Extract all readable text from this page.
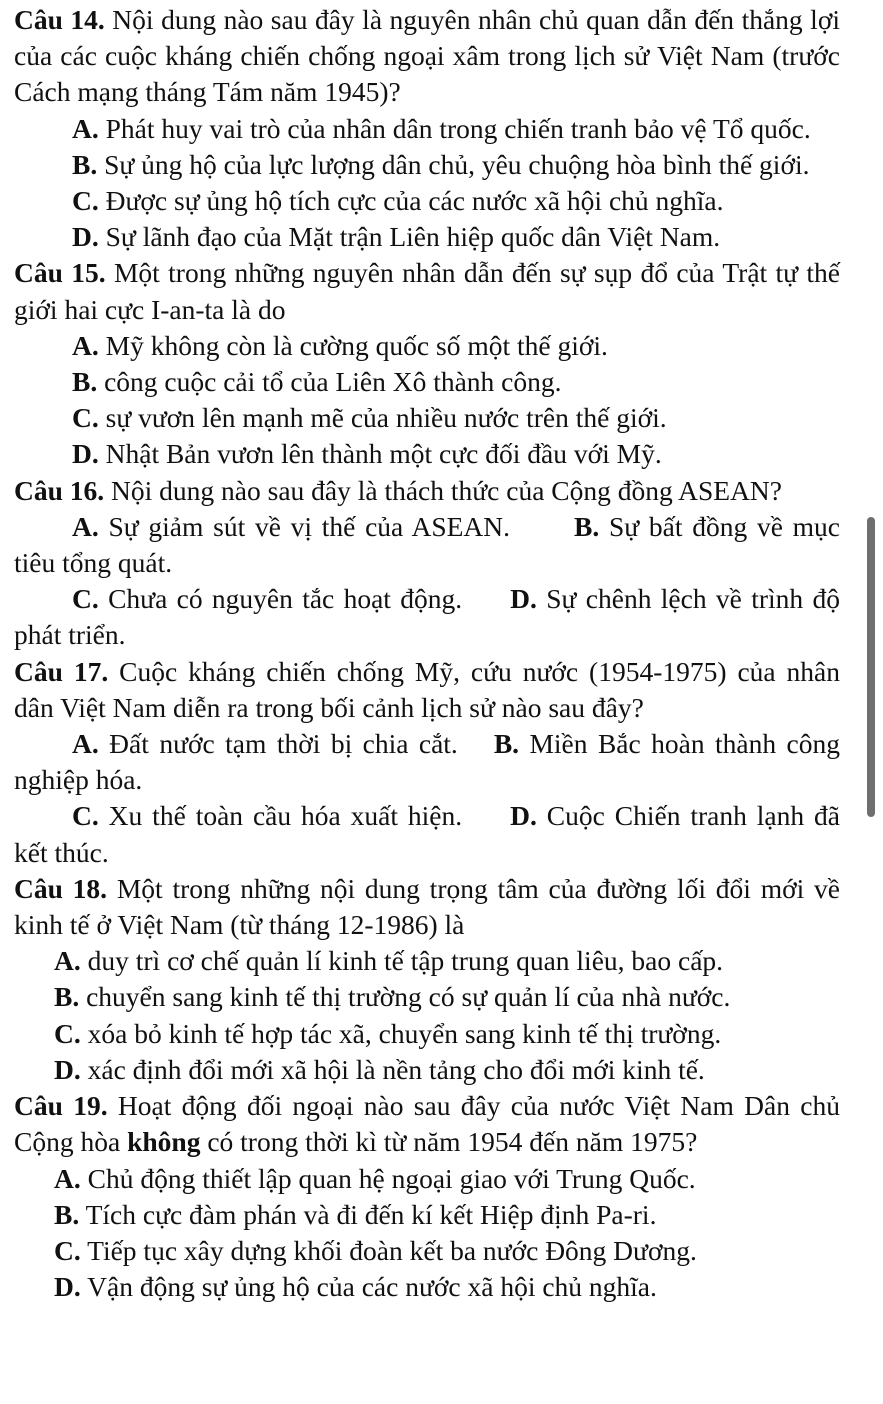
Câu 14. Nội dung nào sau đây là nguyên nhân chủ quan dẫn đến thắng lợi của các cuộc kháng chiến chống ngoại xâm trong lịch sử Việt Nam (trước Cách mạng tháng Tám năm 1945)?

A. Phát huy vai trò của nhân dân trong chiến tranh bảo vệ Tổ quốc.

B. Sự ủng hộ của lực lượng dân chủ, yêu chuộng hòa bình thế giới.

C. Được sự ủng hộ tích cực của các nước xã hội chủ nghĩa.

D. Sự lãnh đạo của Mặt trận Liên hiệp quốc dân Việt Nam.

Câu 15. Một trong những nguyên nhân dẫn đến sự sụp đổ của Trật tự thế giới hai cực I-an-ta là do

A. Mỹ không còn là cường quốc số một thế giới.

B. công cuộc cải tổ của Liên Xô thành công.

C. sự vươn lên mạnh mẽ của nhiều nước trên thế giới.

D. Nhật Bản vươn lên thành một cực đối đầu với Mỹ.

Câu 16. Nội dung nào sau đây là thách thức của Cộng đồng ASEAN?

A. Sự giảm sút về vị thế của ASEAN. B. Sự bất đồng về mục tiêu tổng quát.

C. Chưa có nguyên tắc hoạt động. D. Sự chênh lệch về trình độ phát triển.

Câu 17. Cuộc kháng chiến chống Mỹ, cứu nước (1954-1975) của nhân dân Việt Nam diễn ra trong bối cảnh lịch sử nào sau đây?

A. Đất nước tạm thời bị chia cắt. B. Miền Bắc hoàn thành công nghiệp hóa.

C. Xu thế toàn cầu hóa xuất hiện. D. Cuộc Chiến tranh lạnh đã kết thúc.

Câu 18. Một trong những nội dung trọng tâm của đường lối đổi mới về kinh tế ở Việt Nam (từ tháng 12-1986) là

A. duy trì cơ chế quản lí kinh tế tập trung quan liêu, bao cấp.

B. chuyển sang kinh tế thị trường có sự quản lí của nhà nước.

C. xóa bỏ kinh tế hợp tác xã, chuyển sang kinh tế thị trường.

D. xác định đổi mới xã hội là nền tảng cho đổi mới kinh tế.

Câu 19. Hoạt động đối ngoại nào sau đây của nước Việt Nam Dân chủ Cộng hòa không có trong thời kì từ năm 1954 đến năm 1975?

A. Chủ động thiết lập quan hệ ngoại giao với Trung Quốc.

B. Tích cực đàm phán và đi đến kí kết Hiệp định Pa-ri.

C. Tiếp tục xây dựng khối đoàn kết ba nước Đông Dương.

D. Vận động sự ủng hộ của các nước xã hội chủ nghĩa.
